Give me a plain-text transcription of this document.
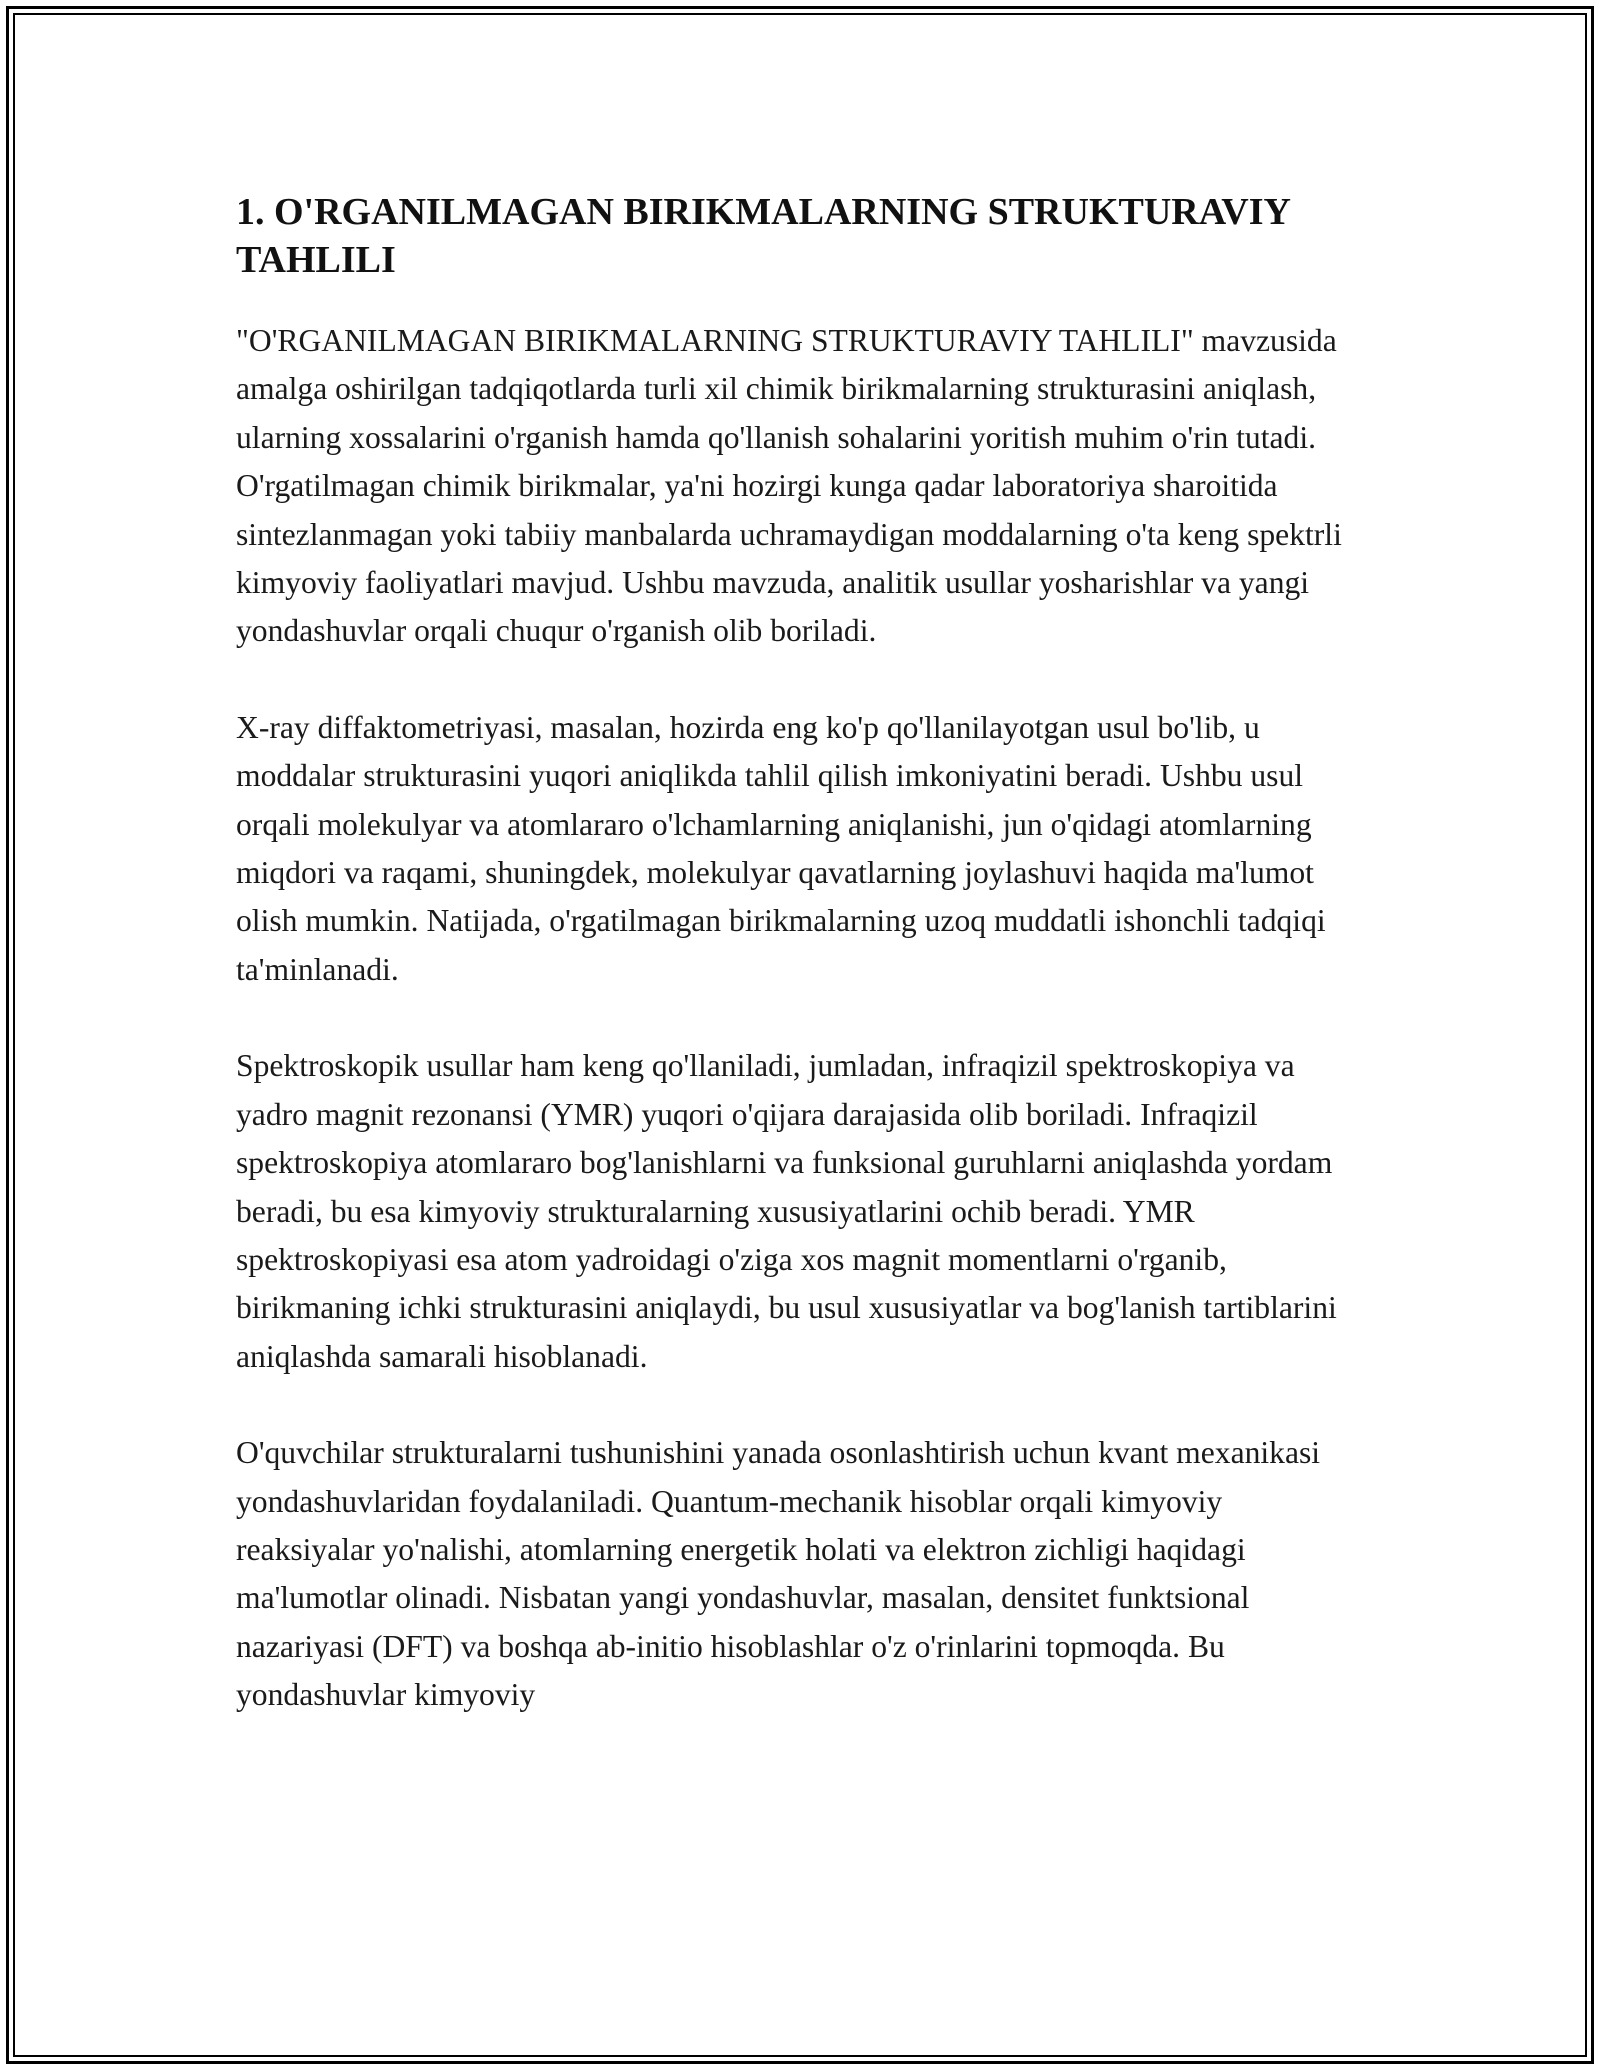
1. O'RGANILMAGAN BIRIKMALARNING STRUKTURAVIY TAHLILI

"O'RGANILMAGAN BIRIKMALARNING STRUKTURAVIY TAHLILI" mavzusida amalga oshirilgan tadqiqotlarda turli xil chimik birikmalarning strukturasini aniqlash, ularning xossalarini o'rganish hamda qo'llanish sohalarini yoritish muhim o'rin tutadi. O'rgatilmagan chimik birikmalar, ya'ni hozirgi kunga qadar laboratoriya sharoitida sintezlanmagan yoki tabiiy manbalarda uchramaydigan moddalarning o'ta keng spektrli kimyoviy faoliyatlari mavjud. Ushbu mavzuda, analitik usullar yosharishlar va yangi yondashuvlar orqali chuqur o'rganish olib boriladi.

X-ray diffaktometriyasi, masalan, hozirda eng ko'p qo'llanilayotgan usul bo'lib, u moddalar strukturasini yuqori aniqlikda tahlil qilish imkoniyatini beradi. Ushbu usul orqali molekulyar va atomlararo o'lchamlarning aniqlanishi, jun o'qidagi atomlarning miqdori va raqami, shuningdek, molekulyar qavatlarning joylashuvi haqida ma'lumot olish mumkin. Natijada, o'rgatilmagan birikmalarning uzoq muddatli ishonchli tadqiqi ta'minlanadi.

Spektroskopik usullar ham keng qo'llaniladi, jumladan, infraqizil spektroskopiya va yadro magnit rezonansi (YMR) yuqori o'qijara darajasida olib boriladi. Infraqizil spektroskopiya atomlararo bog'lanishlarni va funksional guruhlarni aniqlashda yordam beradi, bu esa kimyoviy strukturalarning xususiyatlarini ochib beradi. YMR spektroskopiyasi esa atom yadroidagi o'ziga xos magnit momentlarni o'rganib, birikmaning ichki strukturasini aniqlaydi, bu usul xususiyatlar va bog'lanish tartiblarini aniqlashda samarali hisoblanadi.

O'quvchilar strukturalarni tushunishini yanada osonlashtirish uchun kvant mexanikasi yondashuvlaridan foydalaniladi. Quantum-mechanik hisoblar orqali kimyoviy reaksiyalar yo'nalishi, atomlarning energetik holati va elektron zichligi haqidagi ma'lumotlar olinadi. Nisbatan yangi yondashuvlar, masalan, densitet funktsional nazariyasi (DFT) va boshqa ab-initio hisoblashlar o'z o'rinlarini topmoqda. Bu yondashuvlar kimyoviy
